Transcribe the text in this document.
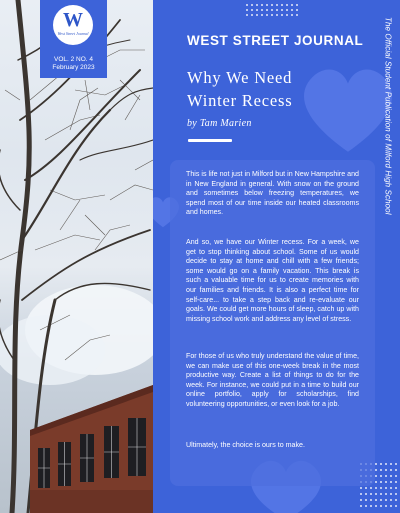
W
West Street Journal
VOL. 2 NO. 4
February 2023
WEST STREET JOURNAL
Why We Need
Winter Recess
by Tam Marien	The Official Student Publication of Milford High School
This is life not just in Milford but in New Hampshire and in New England in general. With snow on the ground and sometimes below freezing temperatures, we spend most of our time inside our heated classrooms and homes.
And so, we have our Winter recess. For a week, we get to stop thinking about school. Some of us would decide to stay at home and chill with a few friends; some would go on a family vacation. This break is such a valuable time for us to create memories with our families and friends. It is also a perfect time for self-care... to take a step back and re-evaluate our goals. We could get more hours of sleep, catch up with missing school work and address any level of stress.
For those of us who truly understand the value of time, we can make use of this one-week break in the most productive way. Create a list of things to do for the week. For instance, we could put in a time to build our online portfolio, apply for scholarships, find volunteering opportunities, or even look for a job.
Ultimately, the choice is ours to make.
